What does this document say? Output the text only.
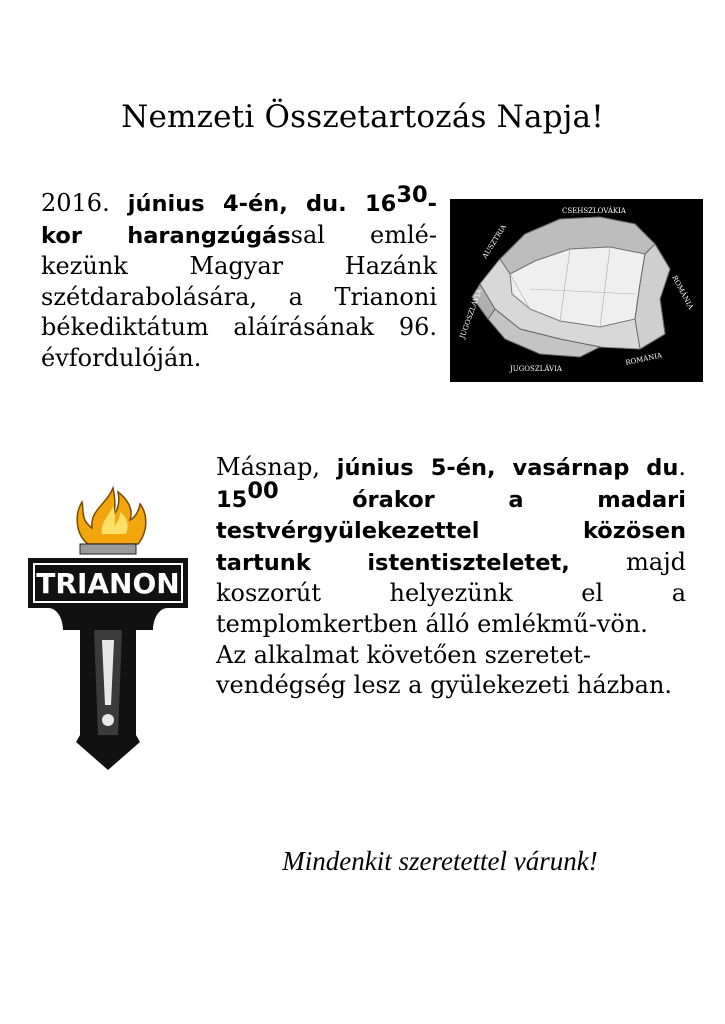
Nemzeti Összetartozás Napja!
2016. június 4-én, du. $16^{30}-$ kor harangzúgással emlé- kezünk Magyar Hazánk szétdarabolására, a Trianoni békediktátum aláírásának 96. évfordulóján.
CSEHSZLOVÁKIA
AUSZTRIA
ROMÁNIA
JUGOSZLÁVIA
JUGOSZLÁVIA
ROMÁNIA
TRIANON
Másnap, június 5-én, vasárnap du. $15^{00}$	órakor a madari testvérgyülekezettel közösen tartunk istentiszteletet, majd koszorút helyezünk el a templomkertben álló emlékmű-vön.
Az alkalmat követően szeretet-
vendégség lesz a gyülekezeti házban.
Mindenkit szeretettel várunk!
